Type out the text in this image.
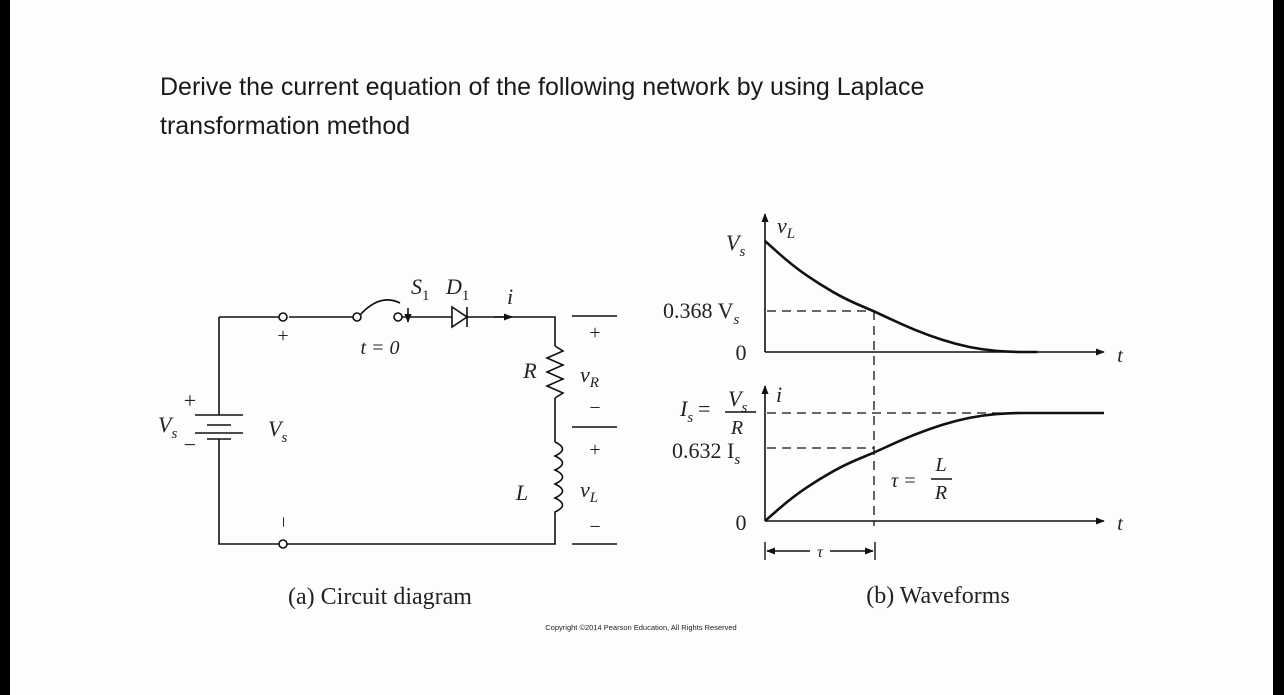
Derive the current equation of the following network by using Laplace
transformation method

+
−
$V_s$
+
$V_s$
−
$S_1$ $D_1$
t = 0
i
R
L
+
$v_R$
−
+
$v_L$
−
(a) Circuit diagram
τ
$v_L$
$V_s$
0.368 $V_s$
0	t
i
$I_s = V_s$
R
0.632 $I_s$
0	t
τ =
L
R
(b) Waveforms
Copyright ©2014 Pearson Education, All Rights Reserved
